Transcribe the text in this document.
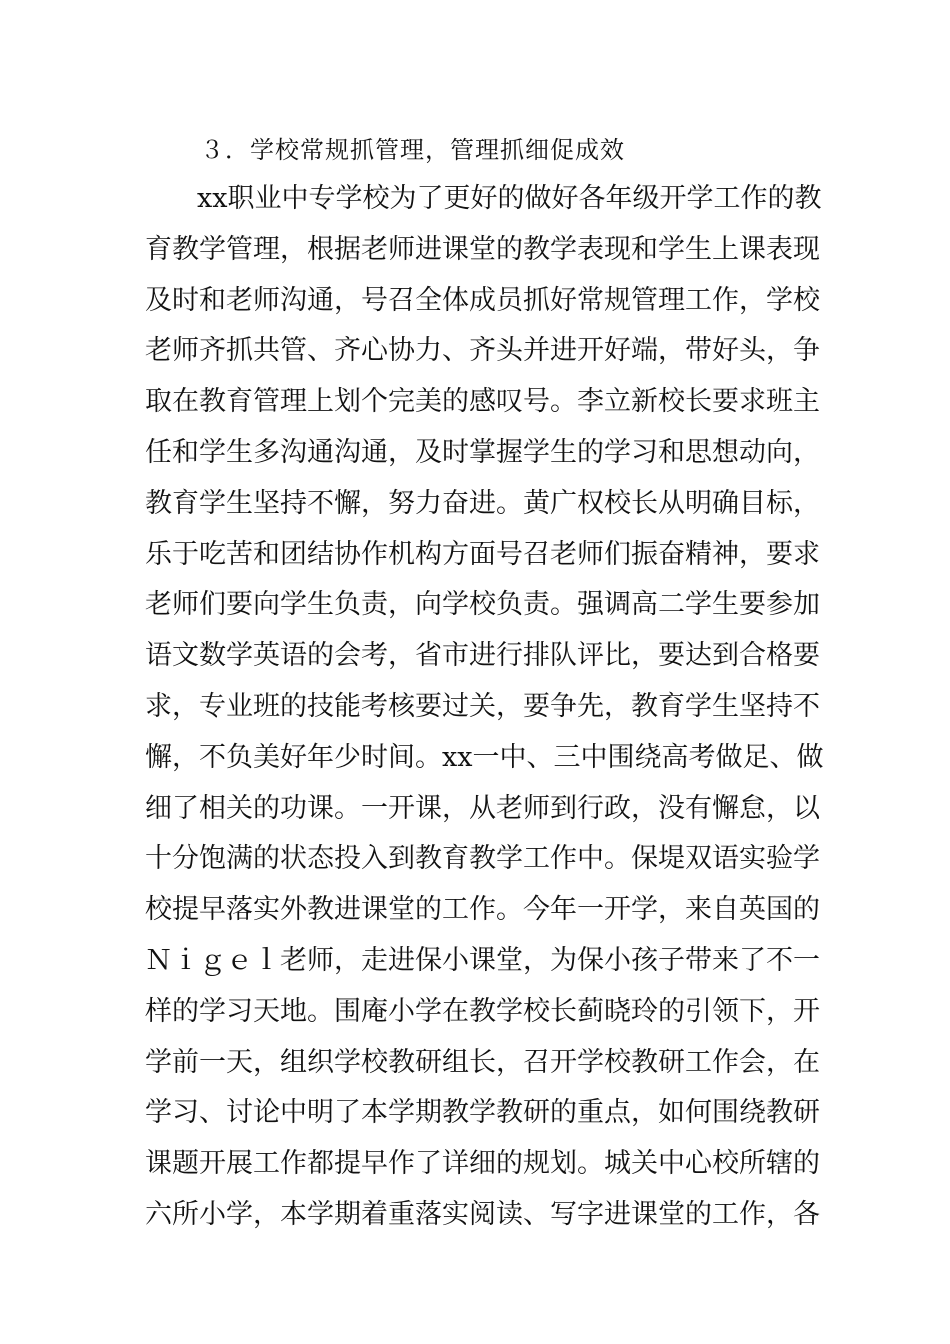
３．学校常规抓管理，管理抓细促成效
xx职业中专学校为了更好的做好各年级开学工作的教
育教学管理，根据老师进课堂的教学表现和学生上课表现
及时和老师沟通，号召全体成员抓好常规管理工作，学校
老师齐抓共管、齐心协力、齐头并进开好端，带好头，争
取在教育管理上划个完美的感叹号。李立新校长要求班主
任和学生多沟通沟通，及时掌握学生的学习和思想动向，
教育学生坚持不懈，努力奋进。黄广权校长从明确目标，
乐于吃苦和团结协作机构方面号召老师们振奋精神，要求
老师们要向学生负责，向学校负责。强调高二学生要参加
语文数学英语的会考，省市进行排队评比，要达到合格要
求，专业班的技能考核要过关，要争先，教育学生坚持不
懈，不负美好年少时间。xx一中、三中围绕高考做足、做
细了相关的功课。一开课，从老师到行政，没有懈怠，以
十分饱满的状态投入到教育教学工作中。保堤双语实验学
校提早落实外教进课堂的工作。今年一开学，来自英国的
Ｎｉｇｅｌ老师，走进保小课堂，为保小孩子带来了不一
样的学习天地。围庵小学在教学校长蓟晓玲的引领下，开
学前一天，组织学校教研组长，召开学校教研工作会，在
学习、讨论中明了本学期教学教研的重点，如何围绕教研
课题开展工作都提早作了详细的规划。城关中心校所辖的
六所小学，本学期着重落实阅读、写字进课堂的工作，各
